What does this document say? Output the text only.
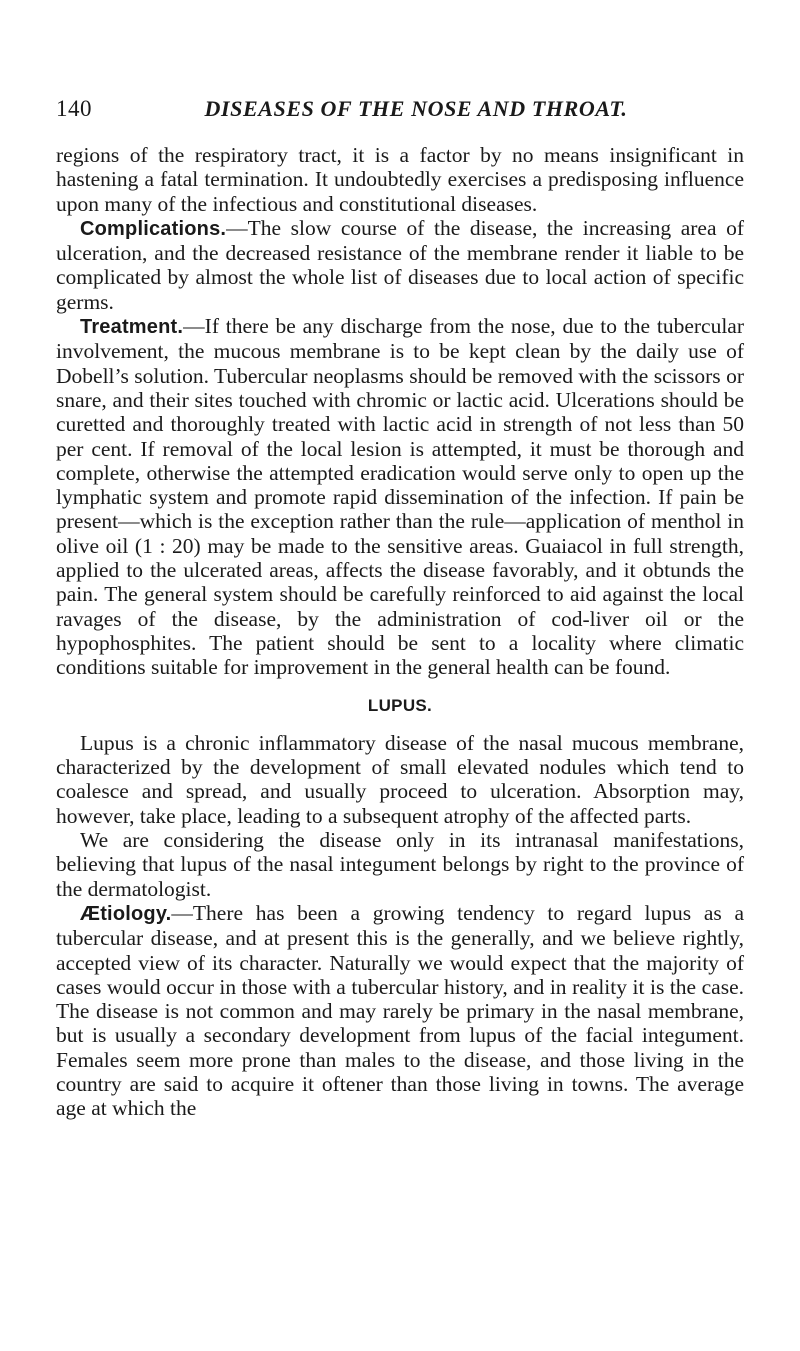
140	DISEASES OF THE NOSE AND THROAT.

regions of the respiratory tract, it is a factor by no means insignificant in hastening a fatal termination. It undoubtedly exercises a predisposing influence upon many of the infectious and constitutional diseases.

Complications.—The slow course of the disease, the increasing area of ulceration, and the decreased resistance of the membrane render it liable to be complicated by almost the whole list of diseases due to local action of specific germs.

Treatment.—If there be any discharge from the nose, due to the tubercular involvement, the mucous membrane is to be kept clean by the daily use of Dobell’s solution. Tubercular neoplasms should be removed with the scissors or snare, and their sites touched with chromic or lactic acid. Ulcerations should be curetted and thoroughly treated with lactic acid in strength of not less than 50 per cent. If removal of the local lesion is attempted, it must be thorough and complete, otherwise the attempted eradication would serve only to open up the lymphatic system and promote rapid dissemination of the infection. If pain be present—which is the exception rather than the rule—application of menthol in olive oil (1 : 20) may be made to the sensitive areas. Guaiacol in full strength, applied to the ulcerated areas, affects the disease favorably, and it obtunds the pain. The general system should be carefully reinforced to aid against the local ravages of the disease, by the administration of cod-liver oil or the hypophosphites. The patient should be sent to a locality where climatic conditions suitable for improvement in the general health can be found.

LUPUS.

Lupus is a chronic inflammatory disease of the nasal mucous membrane, characterized by the development of small elevated nodules which tend to coalesce and spread, and usually proceed to ulceration. Absorption may, however, take place, leading to a subsequent atrophy of the affected parts.

We are considering the disease only in its intranasal manifestations, believing that lupus of the nasal integument belongs by right to the province of the dermatologist.

Ætiology.—There has been a growing tendency to regard lupus as a tubercular disease, and at present this is the generally, and we believe rightly, accepted view of its character. Naturally we would expect that the majority of cases would occur in those with a tubercular history, and in reality it is the case. The disease is not common and may rarely be primary in the nasal membrane, but is usually a secondary development from lupus of the facial integument. Females seem more prone than males to the disease, and those living in the country are said to acquire it oftener than those living in towns. The average age at which the
